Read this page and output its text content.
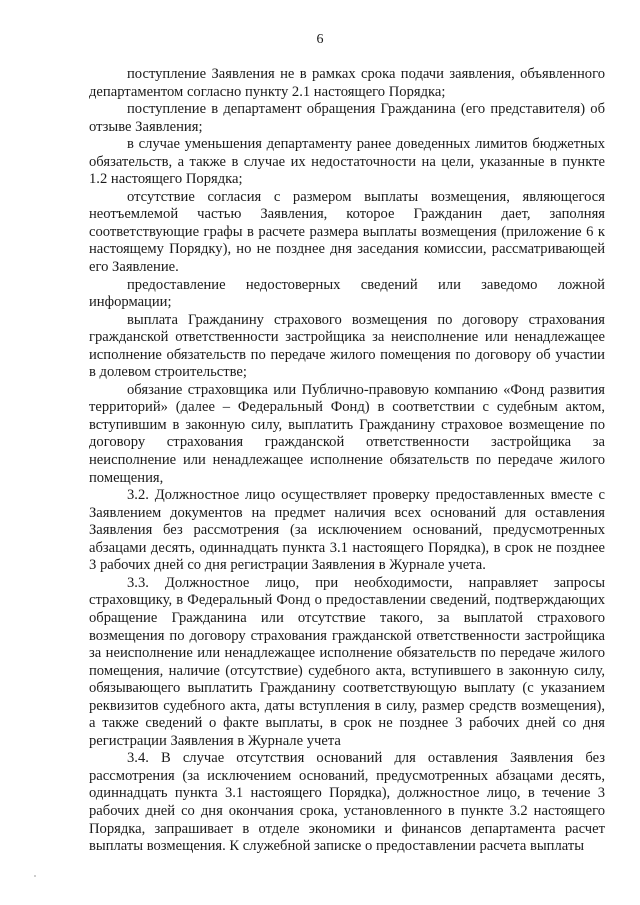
6

поступление Заявления не в рамках срока подачи заявления, объявленного департаментом согласно пункту 2.1 настоящего Порядка;

поступление в департамент обращения Гражданина (его представителя) об отзыве Заявления;

в случае уменьшения департаменту ранее доведенных лимитов бюджетных обязательств, а также в случае их недостаточности на цели, указанные в пункте 1.2 настоящего Порядка;

отсутствие согласия с размером выплаты возмещения, являющегося неотъемлемой частью Заявления, которое Гражданин дает, заполняя соответствующие графы в расчете размера выплаты возмещения (приложение 6 к настоящему Порядку), но не позднее дня заседания комиссии, рассматривающей его Заявление.

предоставление недостоверных сведений или заведомо ложной информации;

выплата Гражданину страхового возмещения по договору страхования гражданской ответственности застройщика за неисполнение или ненадлежащее исполнение обязательств по передаче жилого помещения по договору об участии в долевом строительстве;

обязание страховщика или Публично-правовую компанию «Фонд развития территорий» (далее – Федеральный Фонд) в соответствии с судебным актом, вступившим в законную силу, выплатить Гражданину страховое возмещение по договору страхования гражданской ответственности застройщика за неисполнение или ненадлежащее исполнение обязательств по передаче жилого помещения,

3.2. Должностное лицо осуществляет проверку предоставленных вместе с Заявлением документов на предмет наличия всех оснований для оставления Заявления без рассмотрения (за исключением оснований, предусмотренных абзацами десять, одиннадцать пункта 3.1 настоящего Порядка), в срок не позднее 3 рабочих дней со дня регистрации Заявления в Журнале учета.

3.3. Должностное лицо, при необходимости, направляет запросы страховщику, в Федеральный Фонд о предоставлении сведений, подтверждающих обращение Гражданина или отсутствие такого, за выплатой страхового возмещения по договору страхования гражданской ответственности застройщика за неисполнение или ненадлежащее исполнение обязательств по передаче жилого помещения, наличие (отсутствие) судебного акта, вступившего в законную силу, обязывающего выплатить Гражданину соответствующую выплату (с указанием реквизитов судебного акта, даты вступления в силу, размер средств возмещения), а также сведений о факте выплаты, в срок не позднее 3 рабочих дней со дня регистрации Заявления в Журнале учета

3.4. В случае отсутствия оснований для оставления Заявления без рассмотрения (за исключением оснований, предусмотренных абзацами десять, одиннадцать пункта 3.1 настоящего Порядка), должностное лицо, в течение 3 рабочих дней со дня окончания срока, установленного в пункте 3.2 настоящего Порядка, запрашивает в отделе экономики и финансов департамента расчет выплаты возмещения. К служебной записке о предоставлении расчета выплаты
